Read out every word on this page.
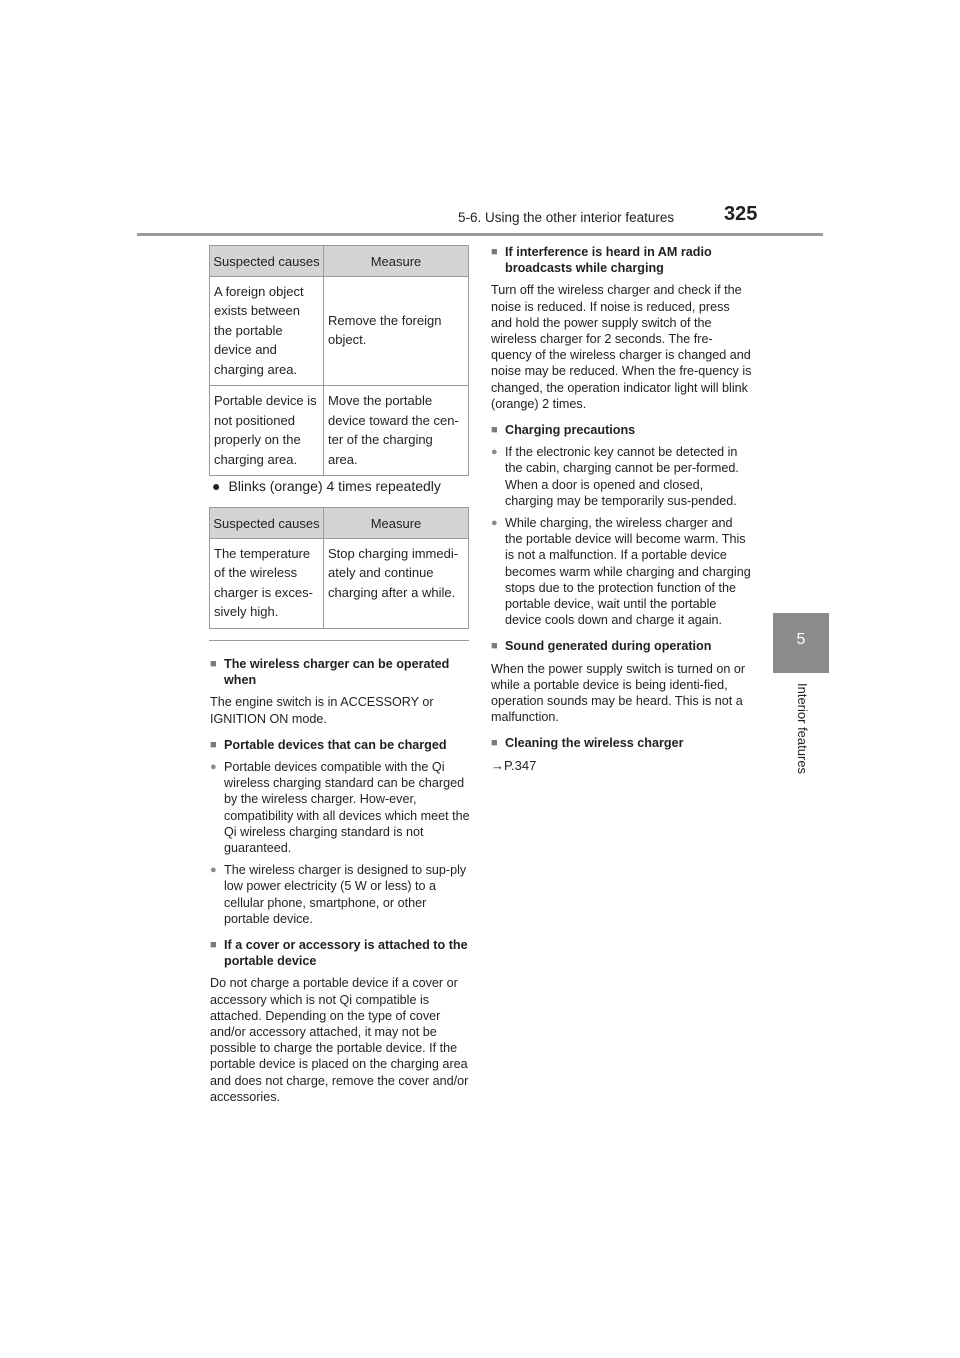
5-6. Using the other interior features 325
5
Interior features
Suspected causes	Measure
A foreign object exists between the portable device and charging area.	Remove the foreign object.
Portable device is not positioned properly on the charging area.	Move the portable device toward the cen-ter of the charging area.
● Blinks (orange) 4 times repeatedly
Suspected causes	Measure
The temperature of the wireless charger is exces-sively high.	Stop charging immedi-ately and continue charging after a while.
■ The wireless charger can be operated when
The engine switch is in ACCESSORY or IGNITION ON mode.
■ Portable devices that can be charged
● Portable devices compatible with the Qi wireless charging standard can be charged by the wireless charger. How-ever, compatibility with all devices which meet the Qi wireless charging standard is not guaranteed.
● The wireless charger is designed to sup-ply low power electricity (5 W or less) to a cellular phone, smartphone, or other portable device.
■ If a cover or accessory is attached to the portable device
Do not charge a portable device if a cover or accessory which is not Qi compatible is attached. Depending on the type of cover and/or accessory attached, it may not be possible to charge the portable device. If the portable device is placed on the charging area and does not charge, remove the cover and/or accessories.
■ If interference is heard in AM radio broadcasts while charging
Turn off the wireless charger and check if the noise is reduced. If noise is reduced, press and hold the power supply switch of the wireless charger for 2 seconds. The fre-quency of the wireless charger is changed and noise may be reduced. When the fre-quency is changed, the operation indicator light will blink (orange) 2 times.
■ Charging precautions
● If the electronic key cannot be detected in the cabin, charging cannot be per-formed. When a door is opened and closed, charging may be temporarily sus-pended.
● While charging, the wireless charger and the portable device will become warm. This is not a malfunction. If a portable device becomes warm while charging and charging stops due to the protection function of the portable device, wait until the portable device cools down and charge it again.
■ Sound generated during operation
When the power supply switch is turned on or while a portable device is being identi-fied, operation sounds may be heard. This is not a malfunction.
■ Cleaning the wireless charger
→P.347
